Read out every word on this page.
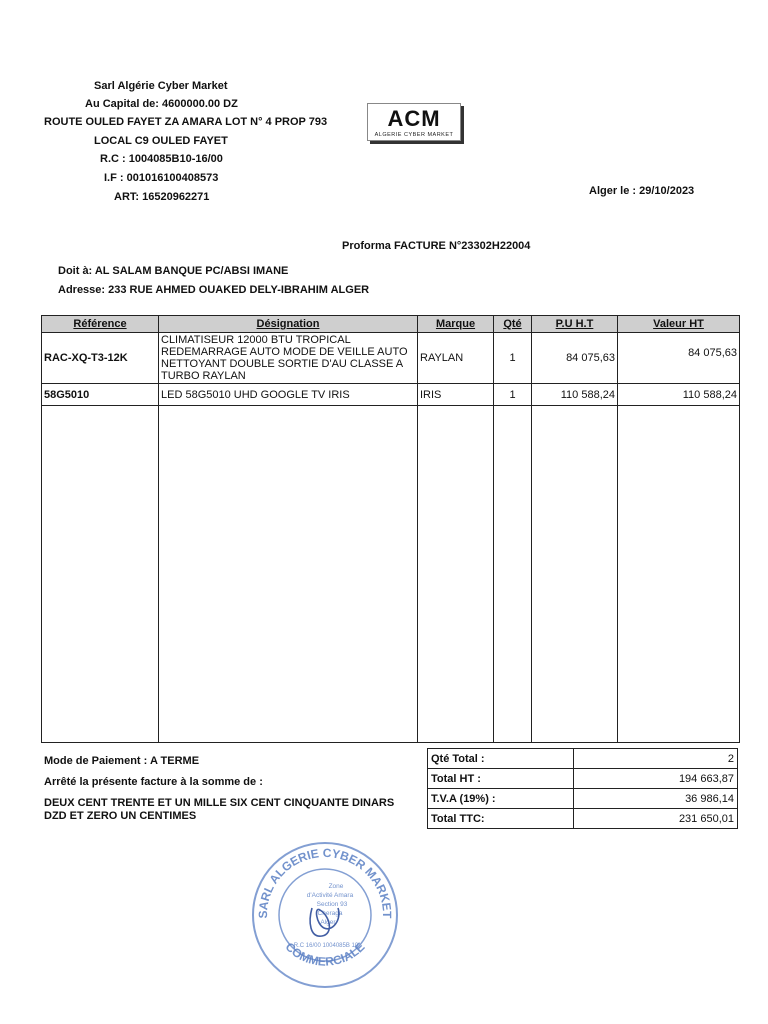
Sarl Algérie Cyber Market
Au Capital de: 4600000.00 DZ
ROUTE OULED FAYET ZA AMARA LOT N° 4 PROP 793
LOCAL C9 OULED FAYET
R.C : 1004085B10-16/00
I.F : 001016100408573
ART: 16520962271
ACM
ALGERIE CYBER MARKET
Alger le : 29/10/2023
Proforma FACTURE N°23302H22004
Doit à: AL SALAM BANQUE PC/ABSI IMANE
Adresse: 233 RUE AHMED OUAKED DELY-IBRAHIM ALGER
Référence	Désignation	Marque	Qté	P.U H.T	Valeur HT
RAC-XQ-T3-12K	CLIMATISEUR 12000 BTU TROPICAL REDEMARRAGE AUTO MODE DE VEILLE AUTO NETTOYANT DOUBLE SORTIE D'AU CLASSE A TURBO RAYLAN	RAYLAN	1	84 075,63	84 075,63
58G5010	LED 58G5010 UHD GOOGLE TV IRIS	IRIS	1	110 588,24	110 588,24

Mode de Paiement : A TERME
Arrêté la présente facture à la somme de :
DEUX CENT TRENTE ET UN MILLE SIX CENT CINQUANTE DINARS
DZD ET ZERO UN CENTIMES
Qté Total :	2
Total HT :	194 663,87
T.V.A (19%) :	36 986,14
Total TTC:	231 650,01
SARL ALGERIE CYBER MARKET
COMMERCIALE
Zone
d'Activité Amara
Section 93
Cheraga
Alger
R.C 16/00 1004085B 10
